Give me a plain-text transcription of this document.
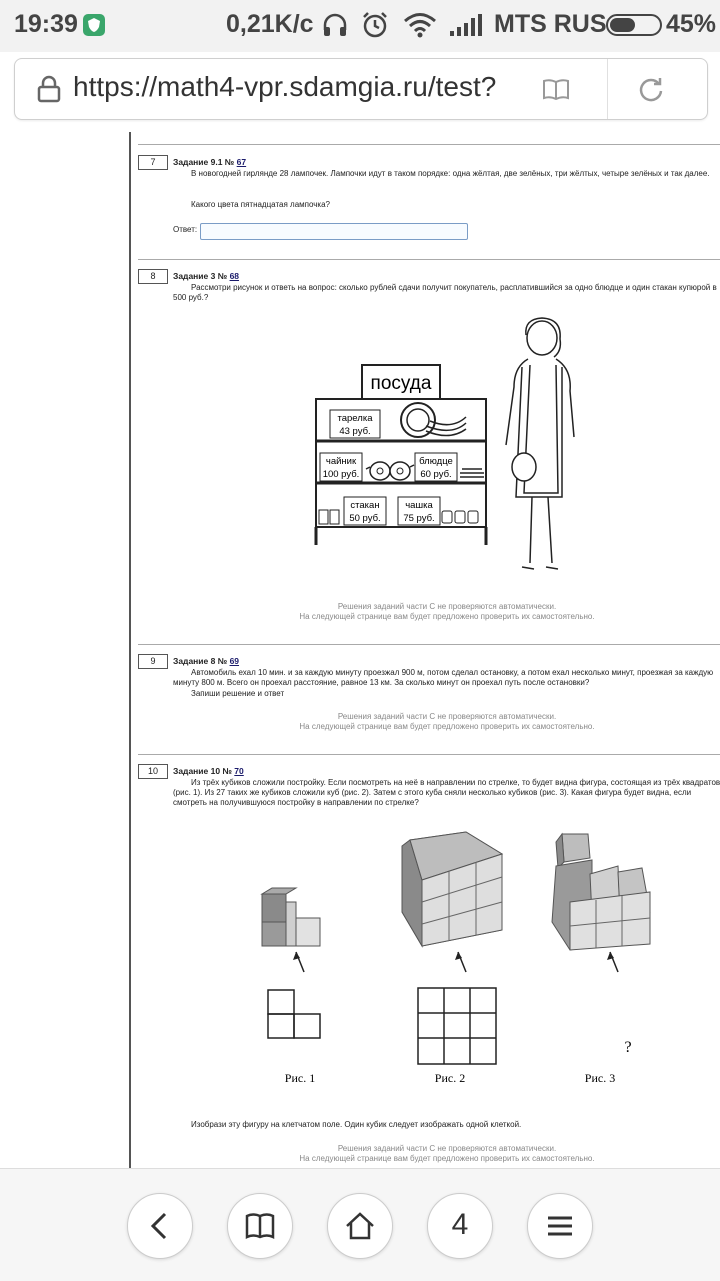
19:39	0,21K/c	MTS RUS 45%
https://math4-vpr.sdamgia.ru/test?
7	Задание 9.1 № 67
В новогодней гирлянде 28 лампочек. Лампочки идут в таком порядке: одна жёлтая, две зелёных, три жёлтых, четыре зелёных и так далее.
Какого цвета пятнадцатая лампочка?
Ответ:
8	Задание 3 № 68
Рассмотри рисунок и ответь на вопрос: сколько рублей сдачи получит покупатель, расплатившийся за одно блюдце и один стакан купюрой в 500 руб.?
посуда
тарелка
43 руб.
чайник
100 руб.
блюдце
60 руб.
стакан
50 руб.
чашка
75 руб.
Решения заданий части С не проверяются автоматически.
На следующей странице вам будет предложено проверить их самостоятельно.
9	Задание 8 № 69
Автомобиль ехал 10 мин. и за каждую минуту проезжал 900 м, потом сделал остановку, а потом ехал несколько минут, проезжая за каждую минуту 800 м. Всего он проехал расстояние, равное 13 км. За сколько минут он проехал путь после остановки?
Запиши решение и ответ
Решения заданий части С не проверяются автоматически.
На следующей странице вам будет предложено проверить их самостоятельно.
10	Задание 10 № 70
Из трёх кубиков сложили постройку. Если посмотреть на неё в направлении по стрелке, то будет видна фигура, состоящая из трёх квадратов (рис. 1). Из 27 таких же кубиков сложили куб (рис. 2). Затем с этого куба сняли несколько кубиков (рис. 3). Какая фигура будет видна, если смотреть на получившуюся постройку в направлении по стрелке?
Рис. 1	Рис. 2
?
Рис. 3
Изобрази эту фигуру на клетчатом поле. Один кубик следует изображать одной клеткой.
Решения заданий части С не проверяются автоматически.
На следующей странице вам будет предложено проверить их самостоятельно.
4
